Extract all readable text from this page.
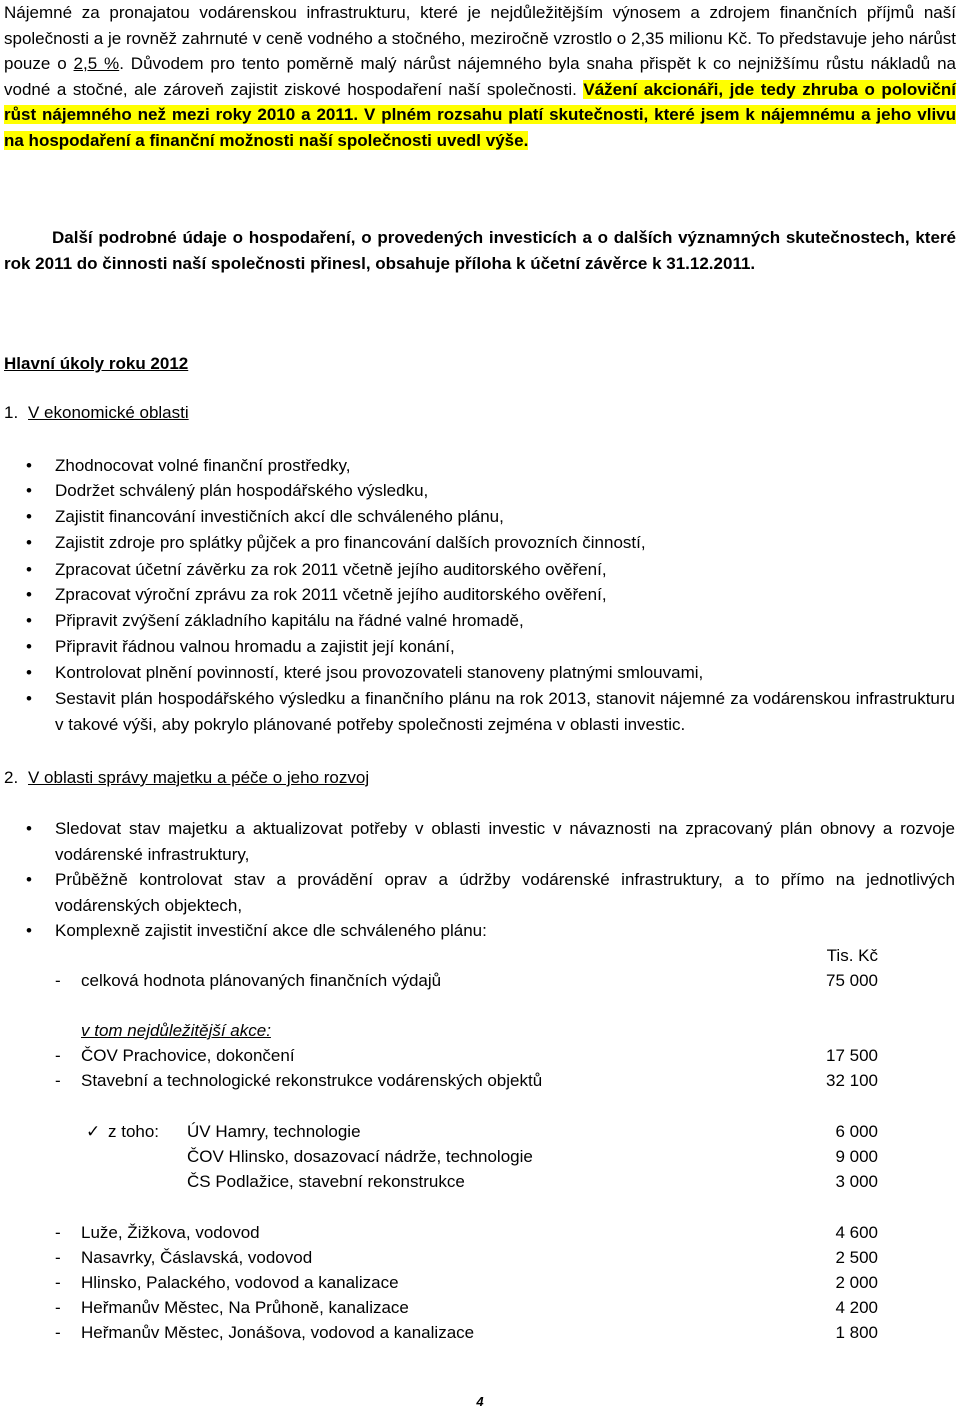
Nájemné za pronajatou vodárenskou infrastrukturu, které je nejdůležitějším výnosem a zdrojem finančních příjmů naší společnosti a je rovněž zahrnuté v ceně vodného a stočného, meziročně vzrostlo o 2,35 milionu Kč. To představuje jeho nárůst pouze o 2,5 %. Důvodem pro tento poměrně malý nárůst nájemného byla snaha přispět k co nejnižšímu růstu nákladů na vodné a stočné, ale zároveň zajistit ziskové hospodaření naší společnosti. Vážení akcionáři, jde tedy zhruba o poloviční růst nájemného než mezi roky 2010 a 2011. V plném rozsahu platí skutečnosti, které jsem k nájemnému a jeho vlivu na hospodaření a finanční možnosti naší společnosti uvedl výše.

Další podrobné údaje o hospodaření, o provedených investicích a o dalších významných skutečnostech, které rok 2011 do činnosti naší společnosti přinesl, obsahuje příloha k účetní závěrce k 31.12.2011.

Hlavní úkoly roku 2012
1. V ekonomické oblasti
• Zhodnocovat volné finanční prostředky,
• Dodržet schválený plán hospodářského výsledku,
• Zajistit financování investičních akcí dle schváleného plánu,
• Zajistit zdroje pro splátky půjček a pro financování dalších provozních činností,
• Zpracovat účetní závěrku za rok 2011 včetně jejího auditorského ověření,
• Zpracovat výroční zprávu za rok 2011 včetně jejího auditorského ověření,
• Připravit zvýšení základního kapitálu na řádné valné hromadě,
• Připravit řádnou valnou hromadu a zajistit její konání,
• Kontrolovat plnění povinností, které jsou provozovateli stanoveny platnými smlouvami,
• Sestavit plán hospodářského výsledku a finančního plánu na rok 2013, stanovit nájemné za vodárenskou infrastrukturu v takové výši, aby pokrylo plánované potřeby společnosti zejména v oblasti investic.
2. V oblasti správy majetku a péče o jeho rozvoj
• Sledovat stav majetku a aktualizovat potřeby v oblasti investic v návaznosti na zpracovaný plán obnovy a rozvoje vodárenské infrastruktury,
• Průběžně kontrolovat stav a provádění oprav a údržby vodárenské infrastruktury, a to přímo na jednotlivých vodárenských objektech,
• Komplexně zajistit investiční akce dle schváleného plánu:
Tis. Kč
- celková hodnota plánovaných finančních výdajů	75 000
v tom nejdůležitější akce:
- ČOV Prachovice, dokončení	17 500
- Stavební a technologické rekonstrukce vodárenských objektů	32 100
✓ z toho: ÚV Hamry, technologie	6 000
ČOV Hlinsko, dosazovací nádrže, technologie	9 000
ČS Podlažice, stavební rekonstrukce	3 000
- Luže, Žižkova, vodovod	4 600
- Nasavrky, Čáslavská, vodovod	2 500
- Hlinsko, Palackého, vodovod a kanalizace	2 000
- Heřmanův Městec, Na Průhoně, kanalizace	4 200
- Heřmanův Městec, Jonášova, vodovod a kanalizace	1 800
4
